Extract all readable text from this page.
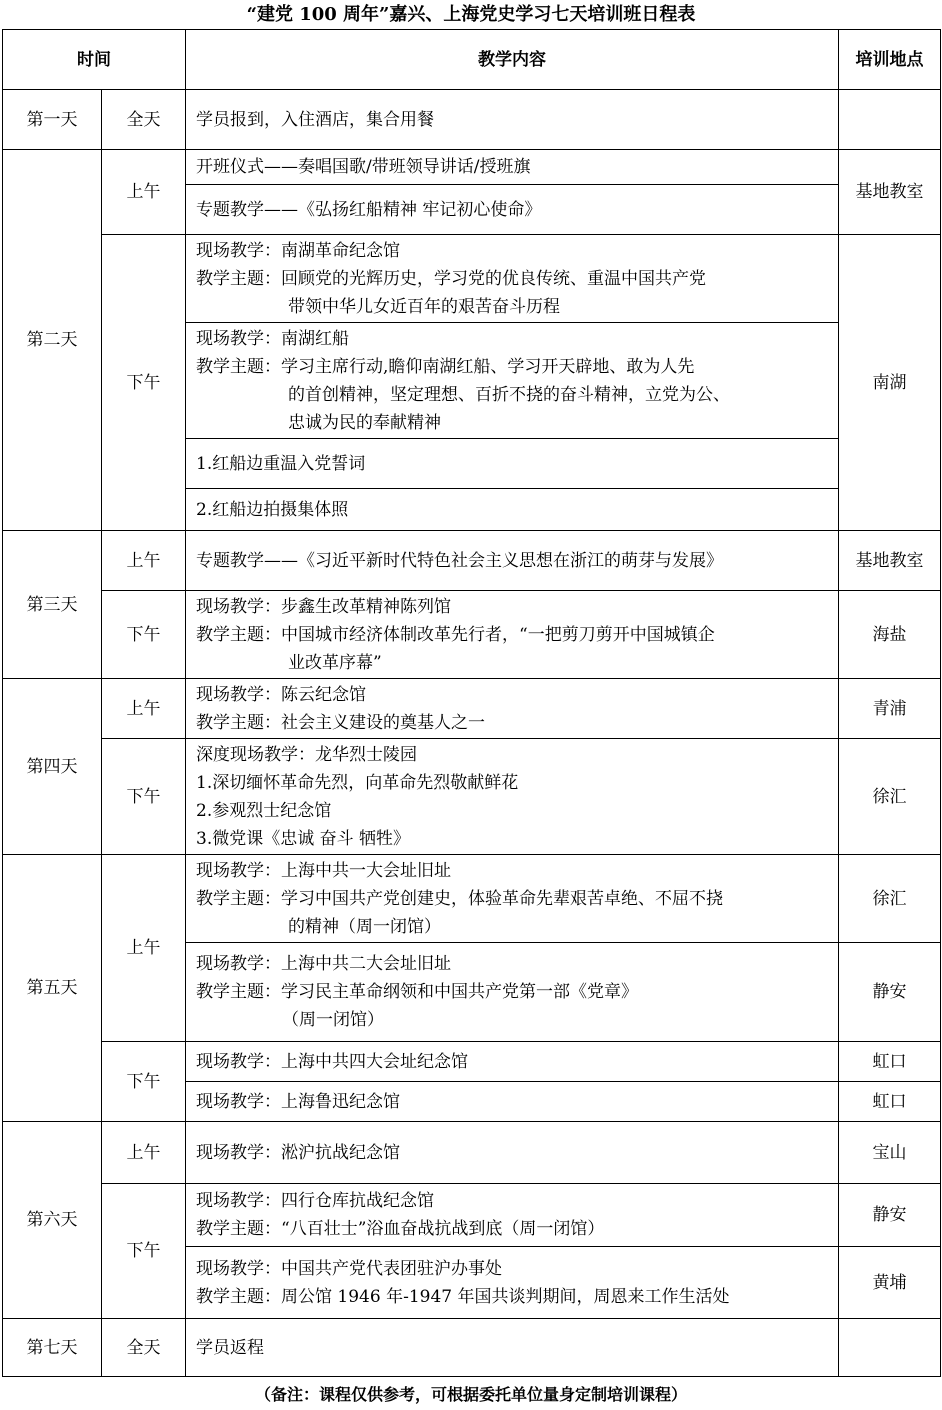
“建党 100 周年”嘉兴、上海党史学习七天培训班日程表
时间		教学内容	培训地点
第一天	全天	学员报到，入住酒店，集合用餐	
第二天	上午	开班仪式——奏唱国歌/带班领导讲话/授班旗	基地教室
		专题教学——《弘扬红船精神 牢记初心使命》	
	下午	现场教学：南湖革命纪念馆
教学主题：回顾党的光辉历史，学习党的优良传统、重温中国共产党
带领中华儿女近百年的艰苦奋斗历程	南湖

		现场教学：南湖红船
教学主题：学习主席行动,瞻仰南湖红船、学习开天辟地、敢为人先
的首创精神，坚定理想、百折不挠的奋斗精神，立党为公、
忠诚为民的奉献精神	

		1.红船边重温入党誓词	
		2.红船边拍摄集体照	
第三天	上午	专题教学——《习近平新时代特色社会主义思想在浙江的萌芽与发展》	基地教室
	下午	现场教学：步鑫生改革精神陈列馆
教学主题：中国城市经济体制改革先行者，“一把剪刀剪开中国城镇企
业改革序幕”	海盐
第四天	上午	现场教学：陈云纪念馆
教学主题：社会主义建设的奠基人之一	青浦
	下午	深度现场教学：龙华烈士陵园
1.深切缅怀革命先烈，向革命先烈敬献鲜花
2.参观烈士纪念馆
3.微党课《忠诚 奋斗 牺牲》	徐汇
第五天	上午	现场教学：上海中共一大会址旧址
教学主题：学习中国共产党创建史，体验革命先辈艰苦卓绝、不屈不挠
的精神（周一闭馆）	徐汇

		现场教学：上海中共二大会址旧址
教学主题：学习民主革命纲领和中国共产党第一部《党章》
（周一闭馆）	静安
	下午	现场教学：上海中共四大会址纪念馆	虹口
		现场教学：上海鲁迅纪念馆	虹口
第六天	上午	现场教学：淞沪抗战纪念馆	宝山
	下午	现场教学：四行仓库抗战纪念馆
教学主题：“八百壮士”浴血奋战抗战到底（周一闭馆）	静安

		现场教学：中国共产党代表团驻沪办事处
教学主题：周公馆 1946 年-1947 年国共谈判期间，周恩来工作生活处	黄埔
第七天	全天	学员返程	
（备注：课程仅供参考，可根据委托单位量身定制培训课程）
